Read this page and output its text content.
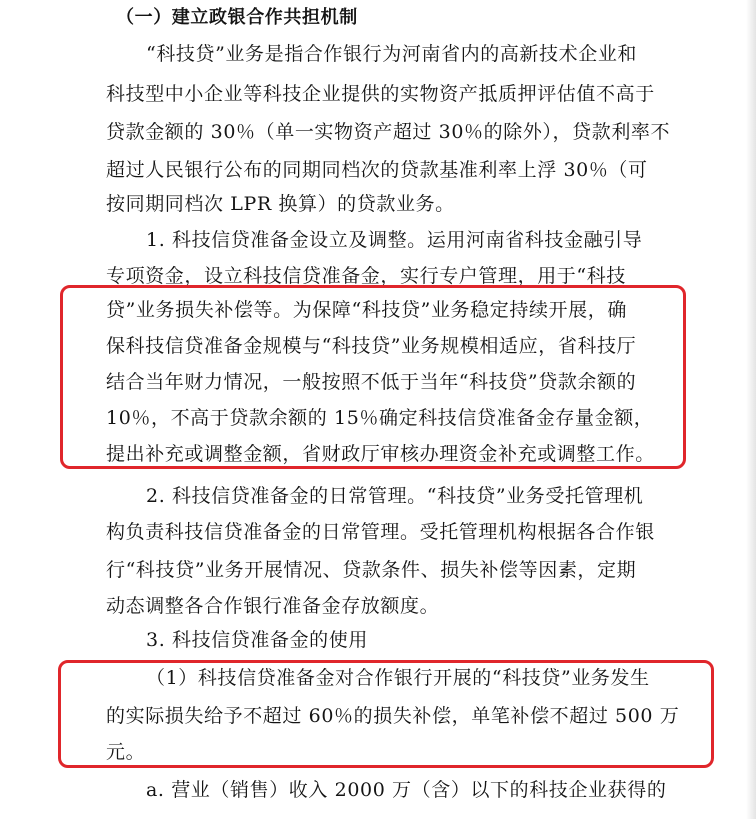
（一）建立政银合作共担机制
“科技贷”业务是指合作银行为河南省内的高新技术企业和
科技型中小企业等科技企业提供的实物资产抵质押评估值不高于
贷款金额的 30％（单一实物资产超过 30％的除外），贷款利率不
超过人民银行公布的同期同档次的贷款基准利率上浮 30％（可
按同期同档次 LPR 换算）的贷款业务。
1. 科技信贷准备金设立及调整。运用河南省科技金融引导
专项资金，设立科技信贷准备金，实行专户管理，用于“科技
贷”业务损失补偿等。为保障“科技贷”业务稳定持续开展，确
保科技信贷准备金规模与“科技贷”业务规模相适应，省科技厅
结合当年财力情况，一般按照不低于当年“科技贷”贷款余额的
10％，不高于贷款余额的 15％确定科技信贷准备金存量金额，
提出补充或调整金额，省财政厅审核办理资金补充或调整工作。
2. 科技信贷准备金的日常管理。“科技贷”业务受托管理机
构负责科技信贷准备金的日常管理。受托管理机构根据各合作银
行“科技贷”业务开展情况、贷款条件、损失补偿等因素，定期
动态调整各合作银行准备金存放额度。
3. 科技信贷准备金的使用
（1）科技信贷准备金对合作银行开展的“科技贷”业务发生
的实际损失给予不超过 60％的损失补偿，单笔补偿不超过 500 万
元。
a. 营业（销售）收入 2000 万（含）以下的科技企业获得的
